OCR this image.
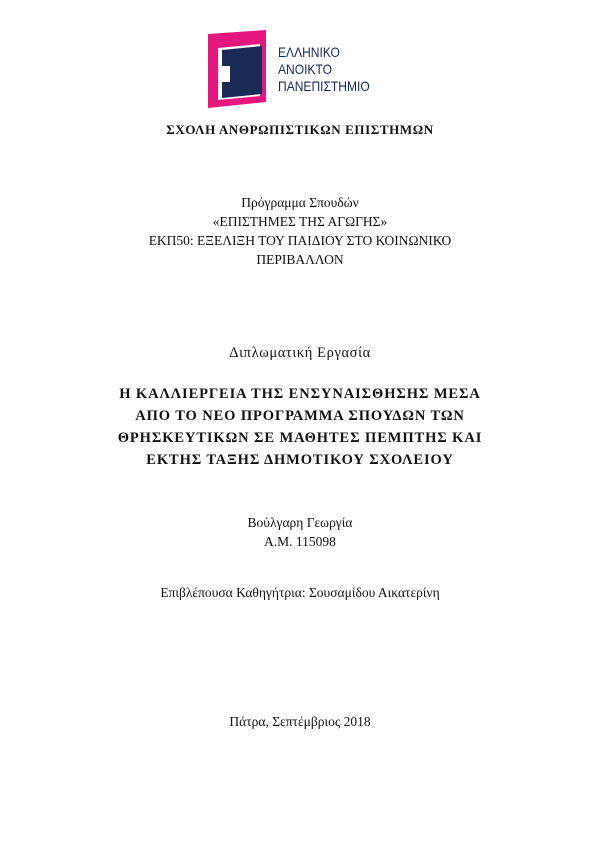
ΕΛΛΗΝΙΚΟ
ΑΝΟΙΚΤΟ
ΠΑΝΕΠΙΣΤΗΜΙΟ
ΣΧΟΛΗ ΑΝΘΡΩΠΙΣΤΙΚΩΝ ΕΠΙΣΤΗΜΩΝ
Πρόγραμμα Σπουδών
«ΕΠΙΣΤΗΜΕΣ ΤΗΣ ΑΓΩΓΗΣ»
ΕΚΠ50: ΕΞΕΛΙΞΗ ΤΟΥ ΠΑΙΔΙΟΥ ΣΤΟ ΚΟΙΝΩΝΙΚΟ
ΠΕΡΙΒΑΛΛΟΝ
Διπλωματική Εργασία
Η ΚΑΛΛΙΕΡΓΕΙΑ ΤΗΣ ΕΝΣΥΝΑΙΣΘΗΣΗΣ ΜΕΣΑ
ΑΠΟ ΤΟ ΝΕΟ ΠΡΟΓΡΑΜΜΑ ΣΠΟΥΔΩΝ ΤΩΝ
ΘΡΗΣΚΕΥΤΙΚΩΝ ΣΕ ΜΑΘΗΤΕΣ ΠΕΜΠΤΗΣ ΚΑΙ
ΕΚΤΗΣ ΤΑΞΗΣ ΔΗΜΟΤΙΚΟΥ ΣΧΟΛΕΙΟΥ
Βούλγαρη Γεωργία
Α.Μ. 115098
Επιβλέπουσα Καθηγήτρια: Σουσαμίδου Αικατερίνη
Πάτρα, Σεπτέμβριος 2018
